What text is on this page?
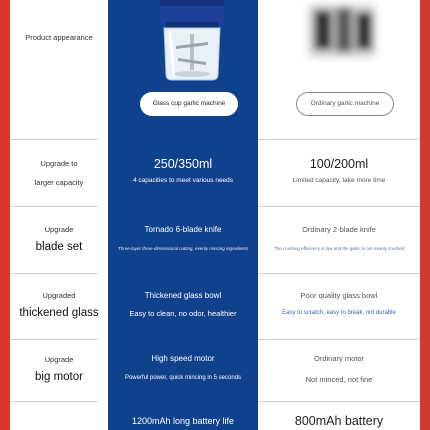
Product appearance
Glass cup garlic machine	Ordinary garlic machine
Upgrade to
larger capacity
250/350ml
4 capacities to meet various needs
100/200ml
Limited capacity, take more time
Upgrade
blade set
Tornado 6-blade knife
Three-layer three-dimensional cutting, evenly mincing ingredients
Ordinary 2-blade knife
The crushing efficiency is low and the garlic is not evenly crushed
Upgraded
thickened glass
Thickened glass bowl
Easy to clean, no odor, healthier
Poor quality glass bowl
Easy to scratch, easy to break, not durable
Upgrade
big motor
High speed motor
Powerful power, quick mincing in 5 seconds
Ordinary motor
Not minced, not fine
1200mAh long battery life	800mAh battery
